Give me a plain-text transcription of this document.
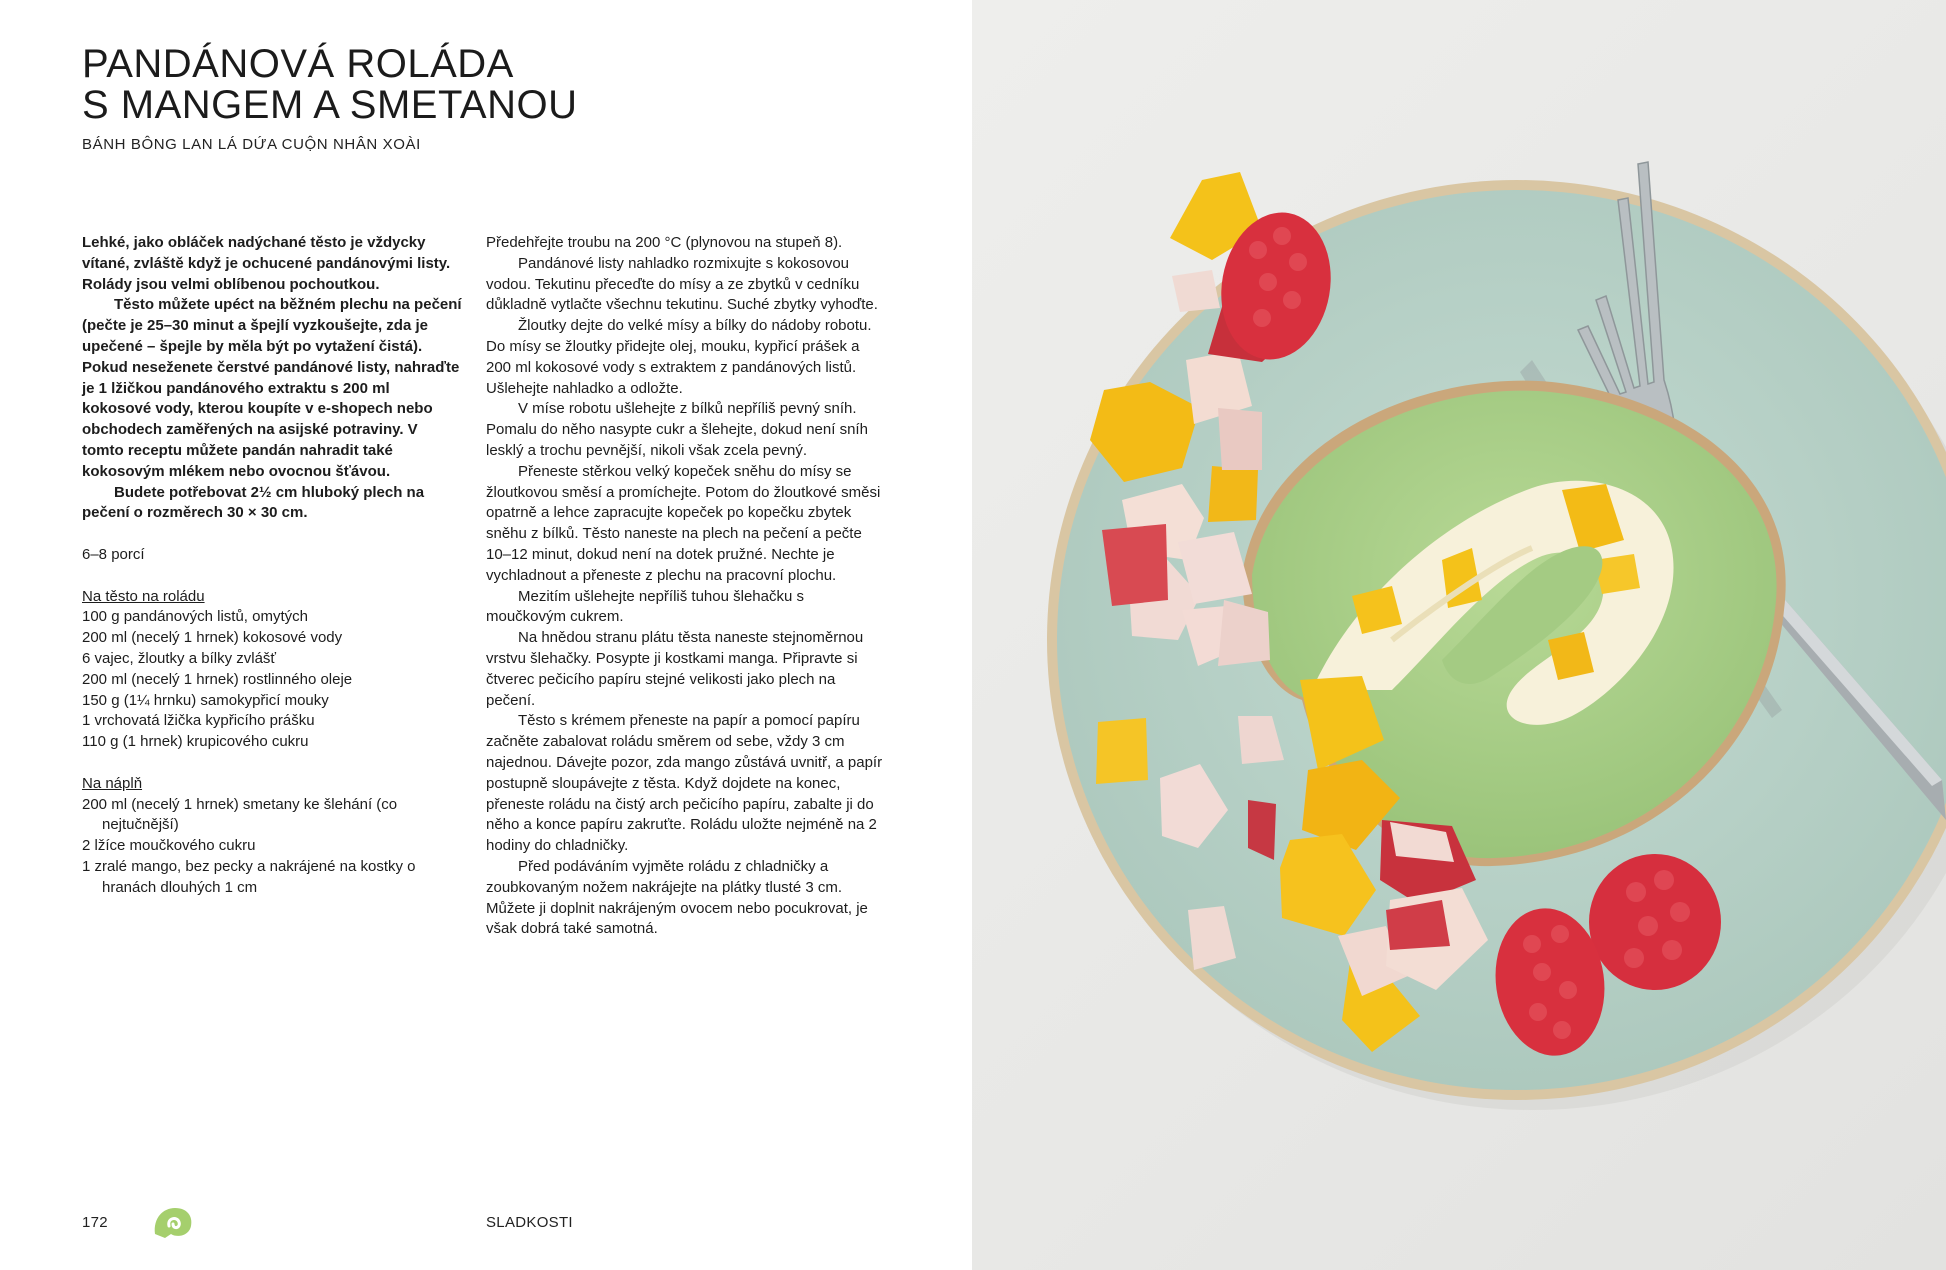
PANDÁNOVÁ ROLÁDA
S MANGEM A SMETANOU
BÁNH BÔNG LAN LÁ DỨA CUỘN NHÂN XOÀI

Lehké, jako obláček nadýchané těsto je vždycky vítané, zvláště když je ochucené pandánovými listy. Rolády jsou velmi oblíbenou pochoutkou.

Těsto můžete upéct na běžném plechu na pečení (pečte je 25–30 minut a špejlí vyzkoušejte, zda je upečené – špejle by měla být po vytažení čistá). Pokud neseženete čerstvé pandánové listy, nahraďte je 1 lžičkou pandánového extraktu s 200 ml kokosové vody, kterou koupíte v e-shopech nebo obchodech zaměřených na asijské potraviny. V tomto receptu můžete pandán nahradit také kokosovým mlékem nebo ovocnou šťávou.

Budete potřebovat 2½ cm hluboký plech na pečení o rozměrech 30 × 30 cm.

6–8 porcí

Na těsto na roládu

100 g pandánových listů, omytých

200 ml (necelý 1 hrnek) kokosové vody

6 vajec, žloutky a bílky zvlášť

200 ml (necelý 1 hrnek) rostlinného oleje

150 g (1¼ hrnku) samokypřicí mouky

1 vrchovatá lžička kypřicího prášku

110 g (1 hrnek) krupicového cukru

Na náplň

200 ml (necelý 1 hrnek) smetany ke šlehání (co nejtučnější)

2 lžíce moučkového cukru

1 zralé mango, bez pecky a nakrájené na kostky o hranách dlouhých 1 cm

Předehřejte troubu na 200 °C (plynovou na stupeň 8).

Pandánové listy nahladko rozmixujte s kokosovou vodou. Tekutinu přeceďte do mísy a ze zbytků v cedníku důkladně vytlačte všechnu tekutinu. Suché zbytky vyhoďte.

Žloutky dejte do velké mísy a bílky do nádoby robotu. Do mísy se žloutky přidejte olej, mouku, kypřicí prášek a 200 ml kokosové vody s extraktem z pandánových listů. Ušlehejte nahladko a odložte.

V míse robotu ušlehejte z bílků nepříliš pevný sníh. Pomalu do něho nasypte cukr a šlehejte, dokud není sníh lesklý a trochu pevnější, nikoli však zcela pevný.

Přeneste stěrkou velký kopeček sněhu do mísy se žloutkovou směsí a promíchejte. Potom do žloutkové směsi opatrně a lehce zapracujte kopeček po kopečku zbytek sněhu z bílků. Těsto naneste na plech na pečení a pečte 10–12 minut, dokud není na dotek pružné. Nechte je vychladnout a přeneste z plechu na pracovní plochu.

Mezitím ušlehejte nepříliš tuhou šlehačku s moučkovým cukrem.

Na hnědou stranu plátu těsta naneste stejnoměrnou vrstvu šlehačky. Posypte ji kostkami manga. Připravte si čtverec pečicího papíru stejné velikosti jako plech na pečení.

Těsto s krémem přeneste na papír a pomocí papíru začněte zabalovat roládu směrem od sebe, vždy 3 cm najednou. Dávejte pozor, zda mango zůstává uvnitř, a papír postupně sloupávejte z těsta. Když dojdete na konec, přeneste roládu na čistý arch pečicího papíru, zabalte ji do něho a konce papíru zakruťte. Roládu uložte nejméně na 2 hodiny do chladničky.

Před podáváním vyjměte roládu z chladničky a zoubkovaným nožem nakrájejte na plátky tlusté 3 cm. Můžete ji doplnit nakrájeným ovocem nebo pocukrovat, je však dobrá také samotná.

172	SLADKOSTI
